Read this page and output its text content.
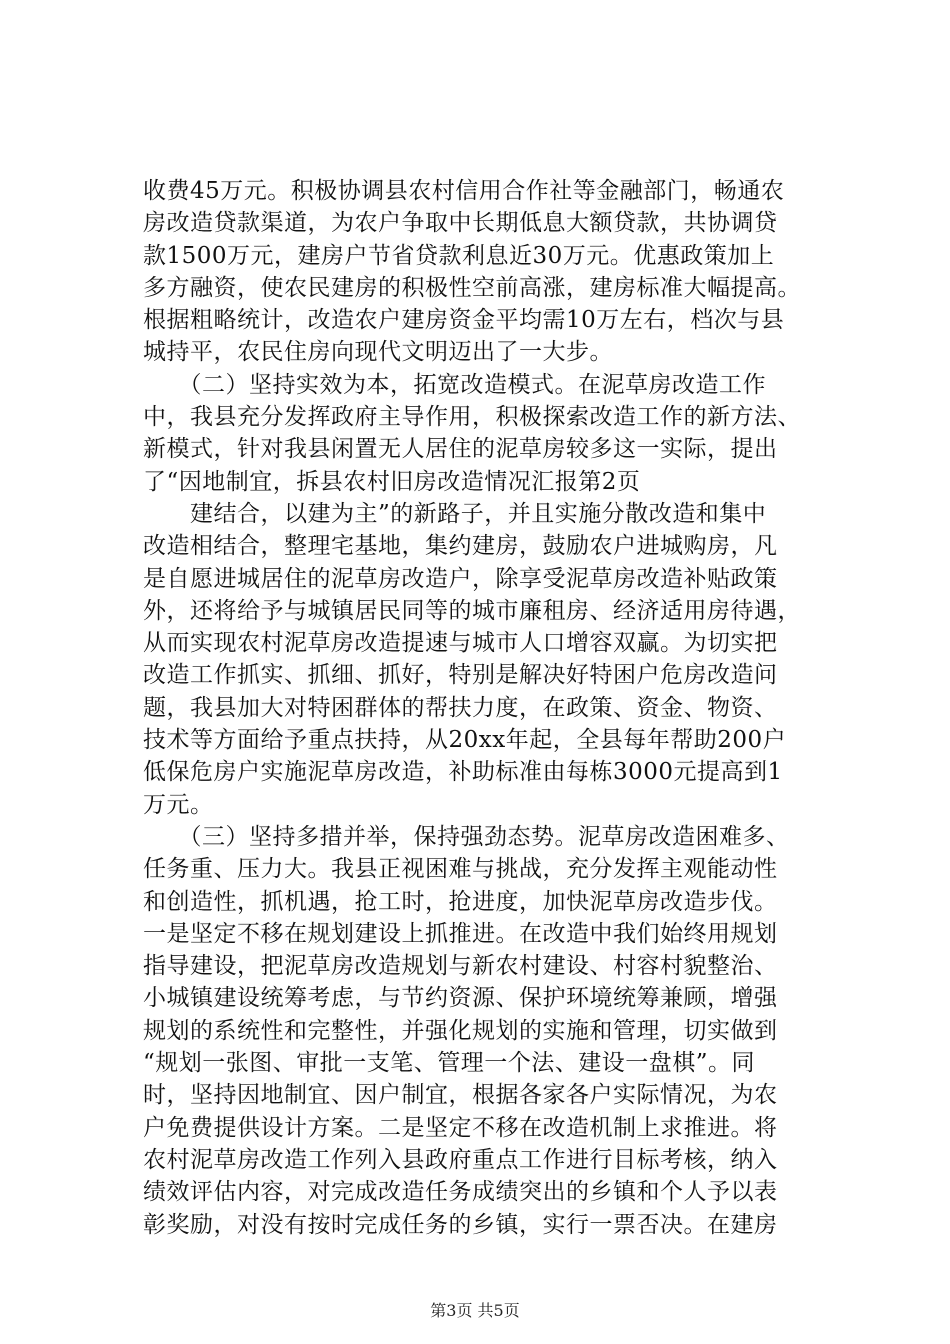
收费45万元。积极协调县农村信用合作社等金融部门，畅通农
房改造贷款渠道，为农户争取中长期低息大额贷款，共协调贷
款1500万元，建房户节省贷款利息近30万元。优惠政策加上
多方融资，使农民建房的积极性空前高涨，建房标准大幅提高。
根据粗略统计，改造农户建房资金平均需10万左右，档次与县
城持平，农民住房向现代文明迈出了一大步。
　　（二）坚持实效为本，拓宽改造模式。在泥草房改造工作
中，我县充分发挥政府主导作用，积极探索改造工作的新方法、
新模式，针对我县闲置无人居住的泥草房较多这一实际，提出
了“因地制宜，拆县农村旧房改造情况汇报第2页
　　建结合，以建为主”的新路子，并且实施分散改造和集中
改造相结合，整理宅基地，集约建房，鼓励农户进城购房，凡
是自愿进城居住的泥草房改造户，除享受泥草房改造补贴政策
外，还将给予与城镇居民同等的城市廉租房、经济适用房待遇，
从而实现农村泥草房改造提速与城市人口增容双赢。为切实把
改造工作抓实、抓细、抓好，特别是解决好特困户危房改造问
题，我县加大对特困群体的帮扶力度，在政策、资金、物资、
技术等方面给予重点扶持，从20xx年起，全县每年帮助200户
低保危房户实施泥草房改造，补助标准由每栋3000元提高到1
万元。
　　（三）坚持多措并举，保持强劲态势。泥草房改造困难多、
任务重、压力大。我县正视困难与挑战，充分发挥主观能动性
和创造性，抓机遇，抢工时，抢进度，加快泥草房改造步伐。
一是坚定不移在规划建设上抓推进。在改造中我们始终用规划
指导建设，把泥草房改造规划与新农村建设、村容村貌整治、
小城镇建设统筹考虑，与节约资源、保护环境统筹兼顾，增强
规划的系统性和完整性，并强化规划的实施和管理，切实做到
“规划一张图、审批一支笔、管理一个法、建设一盘棋”。同
时，坚持因地制宜、因户制宜，根据各家各户实际情况，为农
户免费提供设计方案。二是坚定不移在改造机制上求推进。将
农村泥草房改造工作列入县政府重点工作进行目标考核，纳入
绩效评估内容，对完成改造任务成绩突出的乡镇和个人予以表
彰奖励，对没有按时完成任务的乡镇，实行一票否决。在建房
第3页 共5页
